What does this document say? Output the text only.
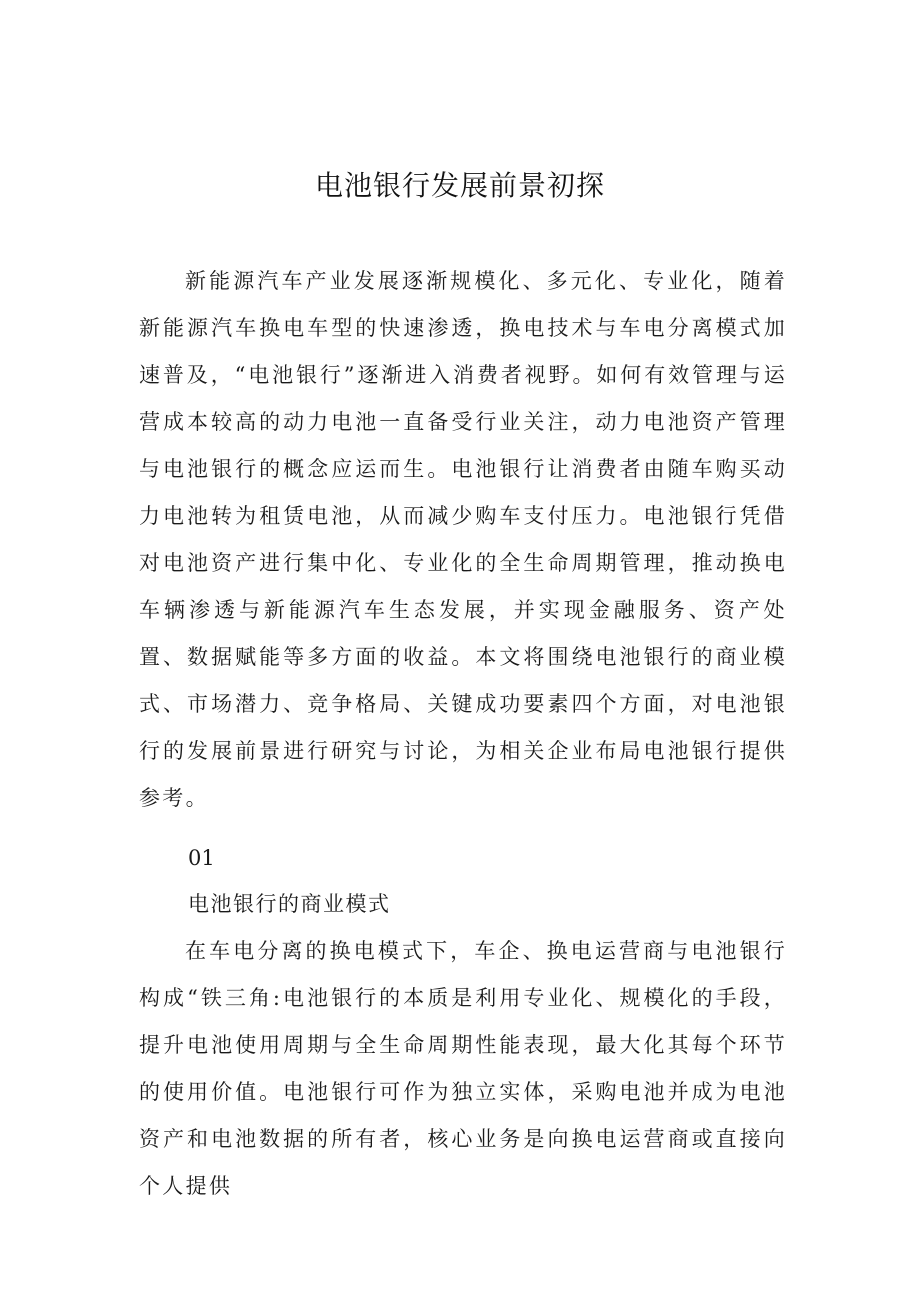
电池银行发展前景初探

新能源汽车产业发展逐渐规模化、多元化、专业化，随着新能源汽车换电车型的快速渗透，换电技术与车电分离模式加速普及，“电池银行”逐渐进入消费者视野。如何有效管理与运营成本较高的动力电池一直备受行业关注，动力电池资产管理与电池银行的概念应运而生。电池银行让消费者由随车购买动力电池转为租赁电池，从而减少购车支付压力。电池银行凭借对电池资产进行集中化、专业化的全生命周期管理，推动换电车辆渗透与新能源汽车生态发展，并实现金融服务、资产处置、数据赋能等多方面的收益。本文将围绕电池银行的商业模式、市场潜力、竞争格局、关键成功要素四个方面，对电池银行的发展前景进行研究与讨论，为相关企业布局电池银行提供参考。

01

电池银行的商业模式

在车电分离的换电模式下，车企、换电运营商与电池银行构成“铁三角:电池银行的本质是利用专业化、规模化的手段，提升电池使用周期与全生命周期性能表现，最大化其每个环节的使用价值。电池银行可作为独立实体，采购电池并成为电池资产和电池数据的所有者，核心业务是向换电运营商或直接向个人提供
